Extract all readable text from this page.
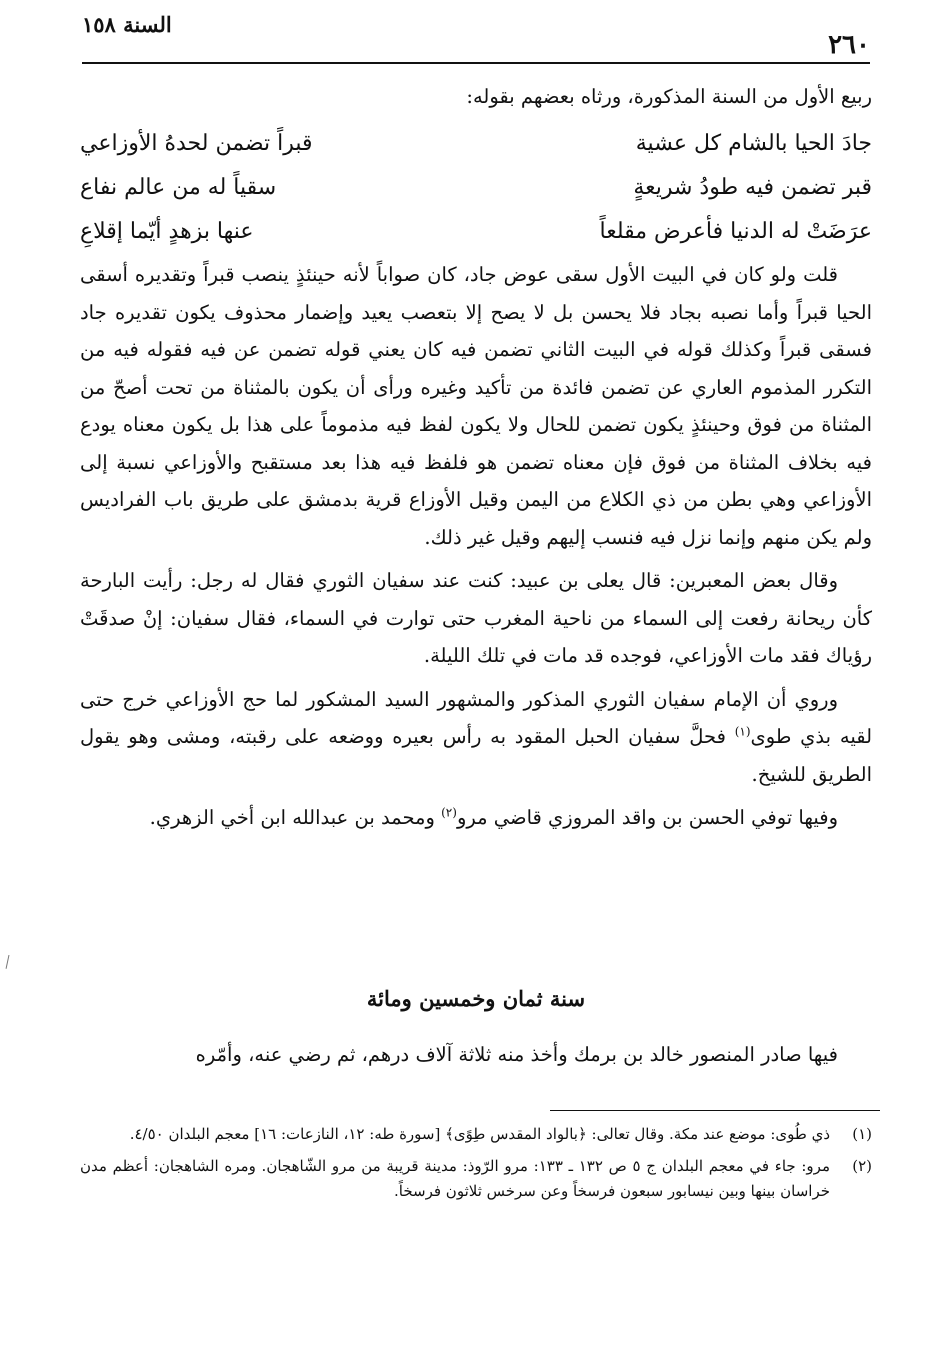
٢٦٠
السنة ١٥٨

ربيع الأول من السنة المذكورة، ورثاه بعضهم بقوله:

جادَ الحيا بالشام كل عشية
قبراً تضمن لحدهُ الأوزاعي
قبر تضمن فيه طودُ شريعةٍ
سقياً له من عالم نفاع
عرَضَتْ له الدنيا فأعرض مقلعاً
عنها بزهدٍ أيّما إقلاعِ

قلت ولو كان في البيت الأول سقى عوض جاد، كان صواباً لأنه حينئذٍ ينصب قبراً وتقديره أسقى الحيا قبراً وأما نصبه بجاد فلا يحسن بل لا يصح إلا بتعصب يعيد وإضمار محذوف يكون تقديره جاد فسقى قبراً وكذلك قوله في البيت الثاني تضمن فيه كان يعني قوله تضمن عن فيه فقوله فيه من التكرر المذموم العاري عن تضمن فائدة من تأكيد وغيره ورأى أن يكون بالمثناة من تحت أصحّ من المثناة من فوق وحينئذٍ يكون تضمن للحال ولا يكون لفظ فيه مذموماً على هذا بل يكون معناه يودع فيه بخلاف المثناة من فوق فإن معناه تضمن هو فلفظ فيه هذا بعد مستقبح والأوزاعي نسبة إلى الأوزاعي وهي بطن من ذي الكلاع من اليمن وقيل الأوزاع قرية بدمشق على طريق باب الفراديس ولم يكن منهم وإنما نزل فيه فنسب إليهم وقيل غير ذلك.

وقال بعض المعبرين: قال يعلى بن عبيد: كنت عند سفيان الثوري فقال له رجل: رأيت البارحة كأن ريحانة رفعت إلى السماء من ناحية المغرب حتى توارت في السماء، فقال سفيان: إنْ صدقَتْ رؤياك فقد مات الأوزاعي، فوجده قد مات في تلك الليلة.

وروي أن الإمام سفيان الثوري المذكور والمشهور السيد المشكور لما حج الأوزاعي خرج حتى لقيه بذي طوى$^{(١)}$ فحلَّ سفيان الحبل المقود به رأس بعيره ووضعه على رقبته، ومشى وهو يقول الطريق للشيخ.

وفيها توفي الحسن بن واقد المروزي قاضي مرو$^{(٢)}$ ومحمد بن عبدالله ابن أخي الزهري.

سنة ثمان وخمسين ومائة

فيها صادر المنصور خالد بن برمك وأخذ منه ثلاثة آلاف درهم، ثم رضي عنه، وأمّره

(١)
ذي طُوى: موضع عند مكة. وقال تعالى: ﴿بالواد المقدس طِوًى﴾ [سورة طه: ١٢، النازعات: ١٦] معجم البلدان ٤/٥٠.
(٢)
مرو: جاء في معجم البلدان ج ٥ ص ١٣٢ ـ ١٣٣: مرو الرّوذ: مدينة قريبة من مرو الشّاهجان. ومره الشاهجان: أعظم مدن خراسان بينها وبين نيسابور سبعون فرسخاً وعن سرخس ثلاثون فرسخاً.
